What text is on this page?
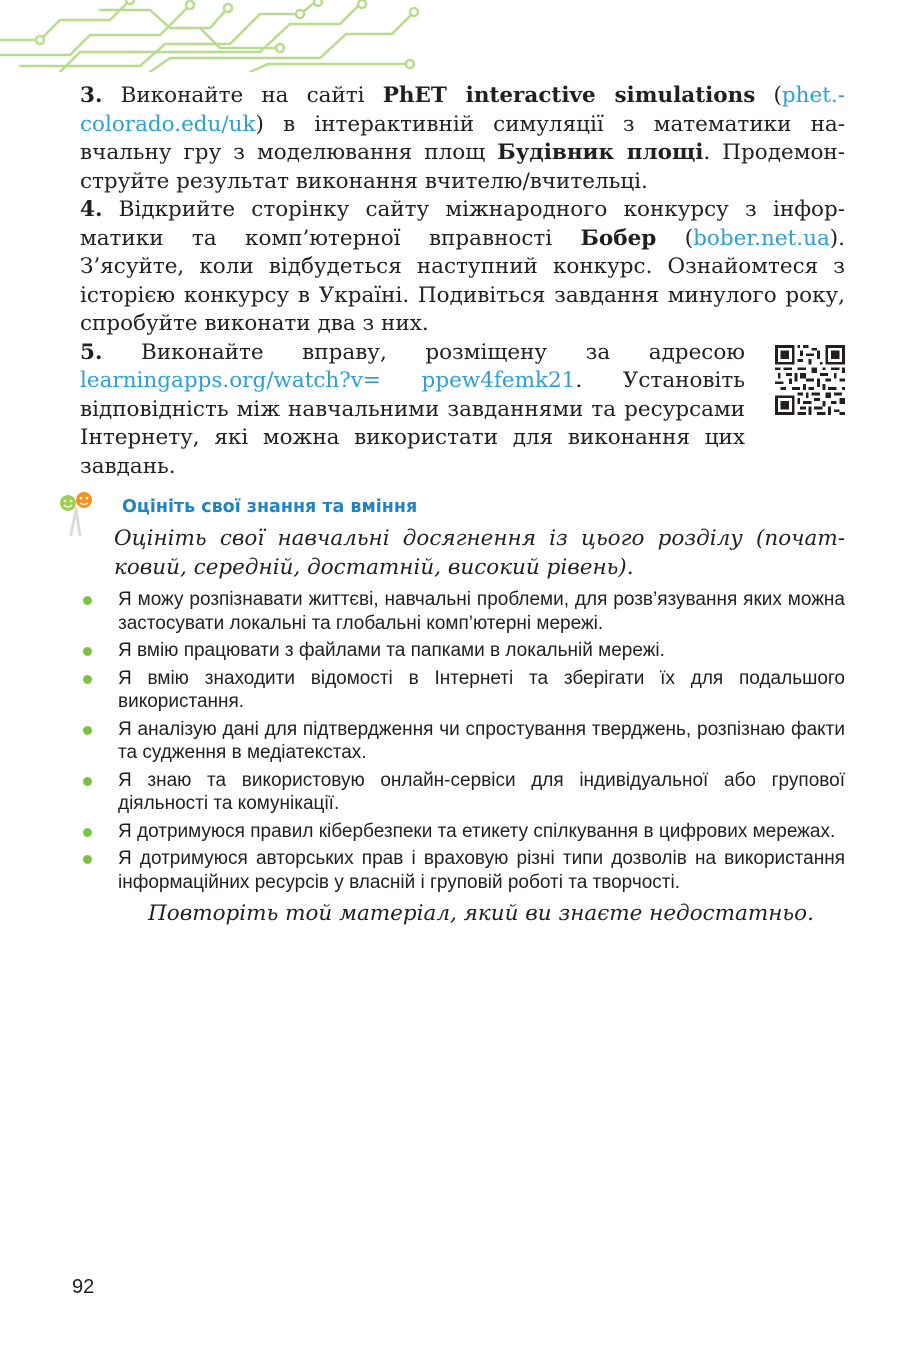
3. Виконайте на сайті PhET interactive simulations (phet.colorado.edu/uk) в інтерактивній симуляції з математики навчальну гру з моделювання площ Будівник площі. Продемонструйте результат виконання вчителю/вчительці.

4. Відкрийте сторінку сайту міжнародного конкурсу з інформатики та комп’ютерної вправності Бобер (bober.net.ua). З’ясуйте, коли відбудеться наступний конкурс. Ознайомтеся з історією конкурсу в Україні. Подивіться завдання минулого року, спробуйте виконати два з них.

5. Виконайте вправу, розміщену за адресою learningapps.org/watch?v= ppew4femk21. Установіть відповідність між навчальними завданнями та ресурсами Інтернету, які можна використати для виконання цих завдань.

Оцініть свої знання та вміння

Оцініть свої навчальні досягнення із цього розділу (початковий, середній, достатній, високий рівень).

Я можу розпізнавати життєві, навчальні проблеми, для розв’язування яких можна застосувати локальні та глобальні комп’ютерні мережі.
Я вмію працювати з файлами та папками в локальній мережі.
Я вмію знаходити відомості в Інтернеті та зберігати їх для подальшого використання.
Я аналізую дані для підтвердження чи спростування тверджень, розпізнаю факти та судження в медіатекстах.
Я знаю та використовую онлайн-сервіси для індивідуальної або групової діяльності та комунікації.
Я дотримуюся правил кібербезпеки та етикету спілкування в цифрових мережах.
Я дотримуюся авторських прав і враховую різні типи дозволів на використання інформаційних ресурсів у власній і груповій роботі та творчості.

Повторіть той матеріал, який ви знаєте недостатньо.

92
